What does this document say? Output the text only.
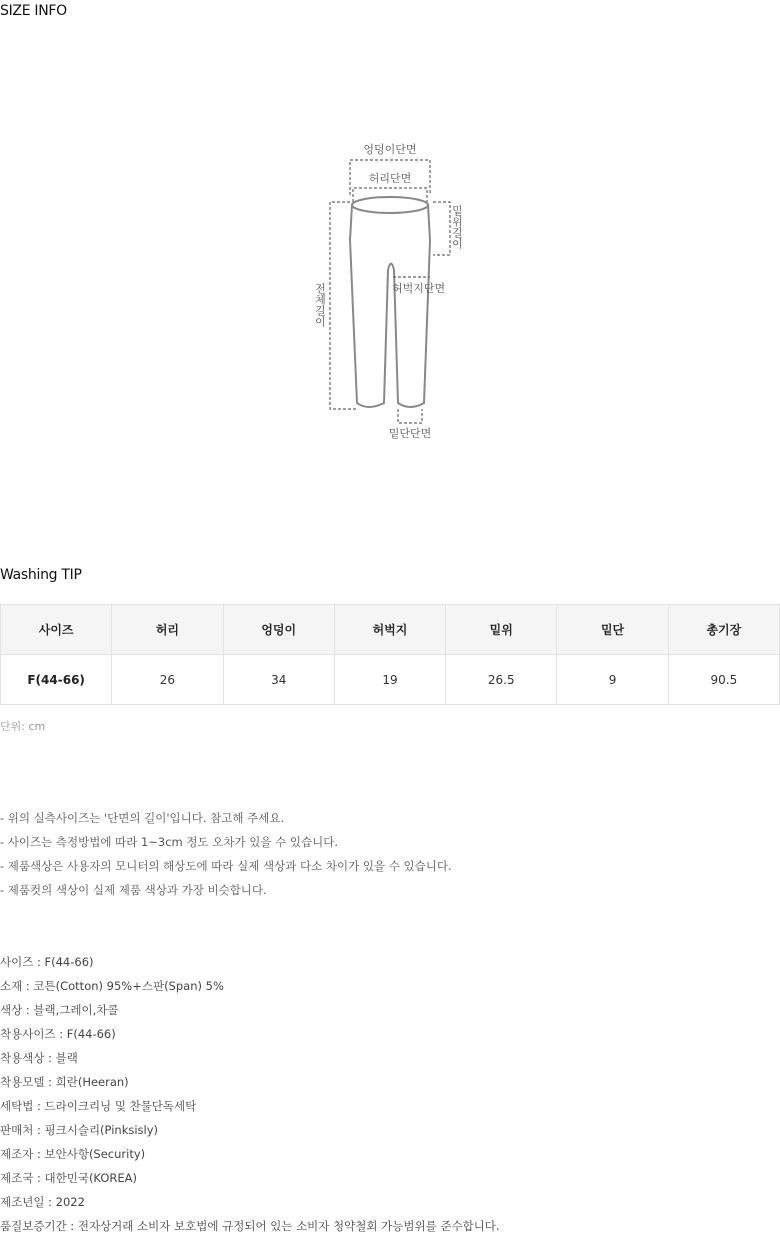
SIZE INFO
엉덩이단면
허리단면
허벅지단면
밑단단면
밑위길이
전체길이
Washing TIP
사이즈	허리	엉덩이	허벅지	밑위	밑단	총기장
F(44-66)	26	34	19	26.5	9	90.5
단위: cm
- 위의 실측사이즈는 '단면의 길이'입니다. 참고해 주세요.
- 사이즈는 측정방법에 따라 1~3cm 정도 오차가 있을 수 있습니다.
- 제품색상은 사용자의 모니터의 해상도에 따라 실제 색상과 다소 차이가 있을 수 있습니다.
- 제품컷의 색상이 실제 제품 색상과 가장 비슷합니다.
사이즈 : F(44-66)
소재 : 코튼(Cotton) 95%+스판(Span) 5%
색상 : 블랙,그레이,차콜
착용사이즈 : F(44-66)
착용색상 : 블랙
착용모델 : 희란(Heeran)
세탁법 : 드라이크리닝 및 찬물단독세탁
판매처 : 핑크시슬리(Pinksisly)
제조자 : 보안사항(Security)
제조국 : 대한민국(KOREA)
제조년일 : 2022
품질보증기간 : 전자상거래 소비자 보호법에 규정되어 있는 소비자 청약철회 가능범위를 준수합니다.
